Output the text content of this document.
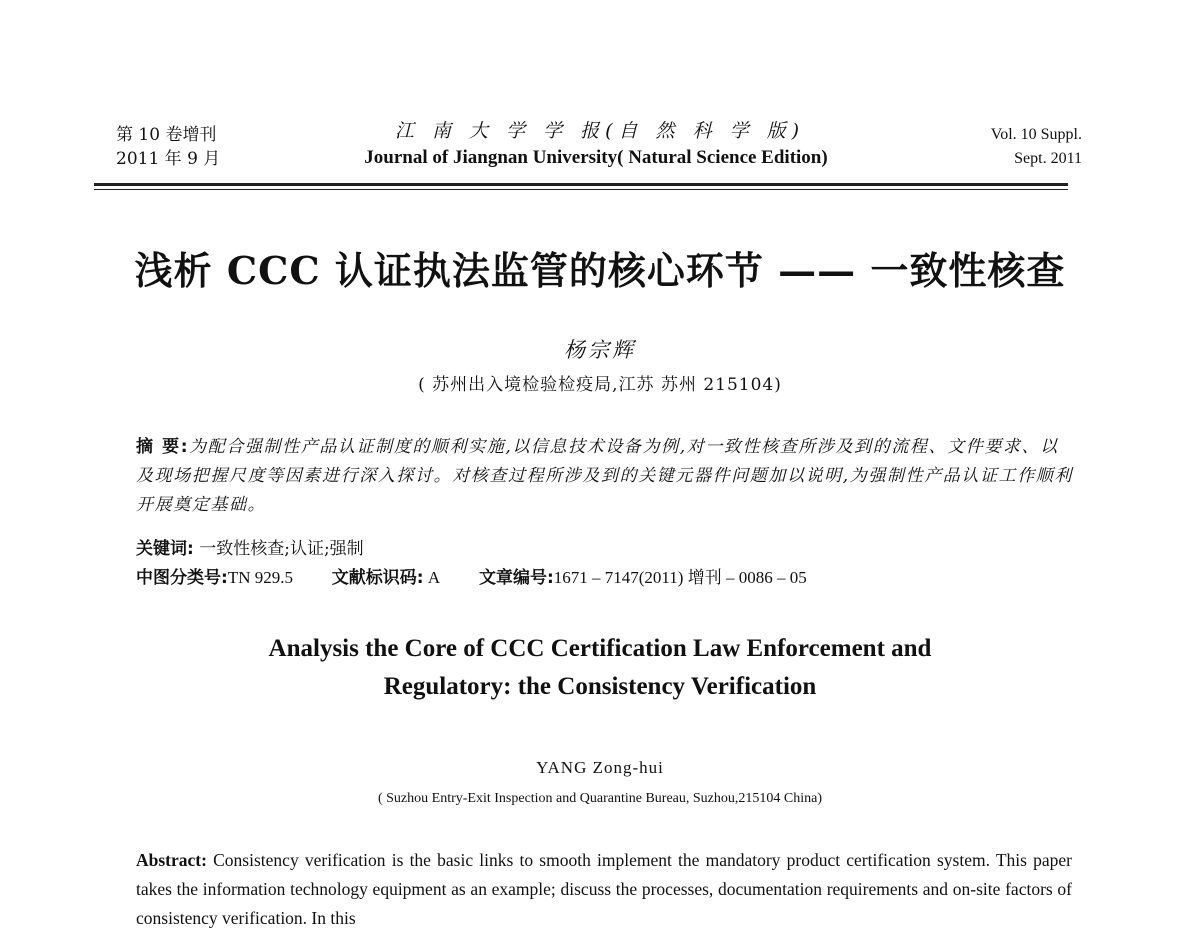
第 10 卷增刊
2011 年 9 月
江 南 大 学 学 报(自 然 科 学 版)
Journal of Jiangnan University( Natural Science Edition)
Vol. 10 Suppl.
Sept. 2011
浅析 CCC 认证执法监管的核心环节 —— 一致性核查
杨宗辉
( 苏州出入境检验检疫局,江苏 苏州 215104)
摘 要:为配合强制性产品认证制度的顺利实施,以信息技术设备为例,对一致性核查所涉及到的流程、文件要求、以及现场把握尺度等因素进行深入探讨。对核查过程所涉及到的关键元器件问题加以说明,为强制性产品认证工作顺利开展奠定基础。
关键词: 一致性核查;认证;强制
中图分类号:TN 929.5 文献标识码: A 文章编号:1671 – 7147(2011) 增刊 – 0086 – 05
Analysis the Core of CCC Certification Law Enforcement and
Regulatory: the Consistency Verification
YANG Zong-hui
( Suzhou Entry-Exit Inspection and Quarantine Bureau, Suzhou,215104 China)
Abstract: Consistency verification is the basic links to smooth implement the mandatory product certification system. This paper takes the information technology equipment as an example; discuss the processes, documentation requirements and on-site factors of consistency verification. In this
